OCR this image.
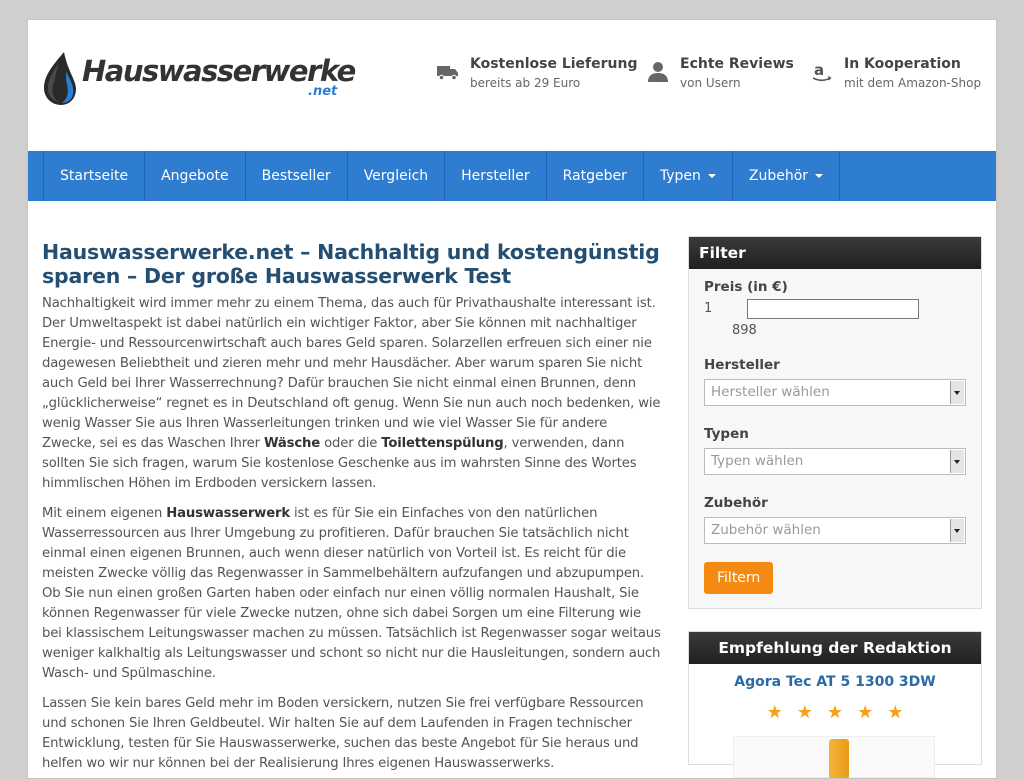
Hauswasserwerke
.net
Kostenlose Lieferung
bereits ab 29 Euro
Echte Reviews
von Usern
a In Kooperation
mit dem Amazon-Shop
Startseite	Angebote	Bestseller	Vergleich	Hersteller	Ratgeber	Typen	Zubehör
Hauswasserwerke.net – Nachhaltig und kostengünstig sparen – Der große Hauswasserwerk Test

Nachhaltigkeit wird immer mehr zu einem Thema, das auch für Privathaushalte interessant ist. Der Umweltaspekt ist dabei natürlich ein wichtiger Faktor, aber Sie können mit nachhaltiger Energie- und Ressourcenwirtschaft auch bares Geld sparen. Solarzellen erfreuen sich einer nie dagewesen Beliebtheit und zieren mehr und mehr Hausdächer. Aber warum sparen Sie nicht auch Geld bei Ihrer Wasserrechnung? Dafür brauchen Sie nicht einmal einen Brunnen, denn „glücklicherweise“ regnet es in Deutschland oft genug. Wenn Sie nun auch noch bedenken, wie wenig Wasser Sie aus Ihren Wasserleitungen trinken und wie viel Wasser Sie für andere Zwecke, sei es das Waschen Ihrer Wäsche oder die Toilettenspülung, verwenden, dann sollten Sie sich fragen, warum Sie kostenlose Geschenke aus im wahrsten Sinne des Wortes himmlischen Höhen im Erdboden versickern lassen.

Mit einem eigenen Hauswasserwerk ist es für Sie ein Einfaches von den natürlichen Wasserressourcen aus Ihrer Umgebung zu profitieren. Dafür brauchen Sie tatsächlich nicht einmal einen eigenen Brunnen, auch wenn dieser natürlich von Vorteil ist. Es reicht für die meisten Zwecke völlig das Regenwasser in Sammelbehältern aufzufangen und abzupumpen. Ob Sie nun einen großen Garten haben oder einfach nur einen völlig normalen Haushalt, Sie können Regenwasser für viele Zwecke nutzen, ohne sich dabei Sorgen um eine Filterung wie bei klassischem Leitungswasser machen zu müssen. Tatsächlich ist Regenwasser sogar weitaus weniger kalkhaltig als Leitungswasser und schont so nicht nur die Hausleitungen, sondern auch Wasch- und Spülmaschine.

Lassen Sie kein bares Geld mehr im Boden versickern, nutzen Sie frei verfügbare Ressourcen und schonen Sie Ihren Geldbeutel. Wir halten Sie auf dem Laufenden in Fragen technischer Entwicklung, testen für Sie Hauswasserwerke, suchen das beste Angebot für Sie heraus und helfen wo wir nur können bei der Realisierung Ihres eigenen Hauswasserwerks.

Filter
Preis (in €)
1
898
Hersteller
Hersteller wählen
Typen
Typen wählen
Zubehör
Zubehör wählen
Filtern
Empfehlung der Redaktion
Agora Tec AT 5 1300 3DW
★ ★ ★ ★ ★
